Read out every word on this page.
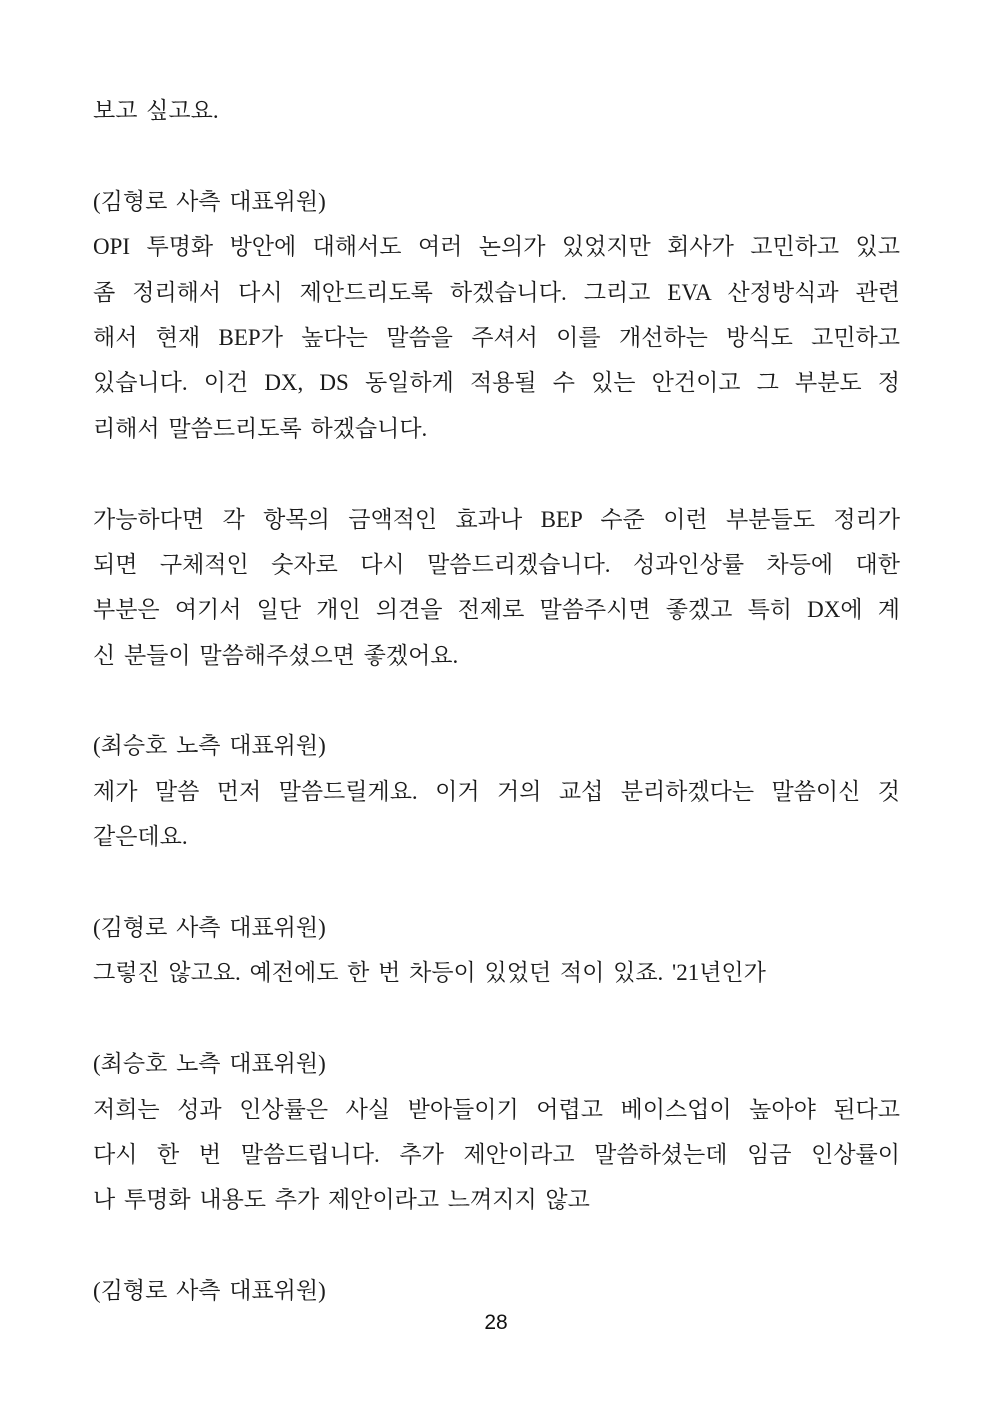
보고 싶고요.
(김형로 사측 대표위원)
OPI 투명화 방안에 대해서도 여러 논의가 있었지만 회사가 고민하고 있고
좀 정리해서 다시 제안드리도록 하겠습니다. 그리고 EVA 산정방식과 관련
해서 현재 BEP가 높다는 말씀을 주셔서 이를 개선하는 방식도 고민하고
있습니다. 이건 DX, DS 동일하게 적용될 수 있는 안건이고 그 부분도 정
리해서 말씀드리도록 하겠습니다.
가능하다면 각 항목의 금액적인 효과나 BEP 수준 이런 부분들도 정리가
되면 구체적인 숫자로 다시 말씀드리겠습니다. 성과인상률 차등에 대한
부분은 여기서 일단 개인 의견을 전제로 말씀주시면 좋겠고 특히 DX에 계
신 분들이 말씀해주셨으면 좋겠어요.
(최승호 노측 대표위원)
제가 말씀 먼저 말씀드릴게요. 이거 거의 교섭 분리하겠다는 말씀이신 것
같은데요.
(김형로 사측 대표위원)
그렇진 않고요. 예전에도 한 번 차등이 있었던 적이 있죠. '21년인가
(최승호 노측 대표위원)
저희는 성과 인상률은 사실 받아들이기 어렵고 베이스업이 높아야 된다고
다시 한 번 말씀드립니다. 추가 제안이라고 말씀하셨는데 임금 인상률이
나 투명화 내용도 추가 제안이라고 느껴지지 않고
(김형로 사측 대표위원)
28
